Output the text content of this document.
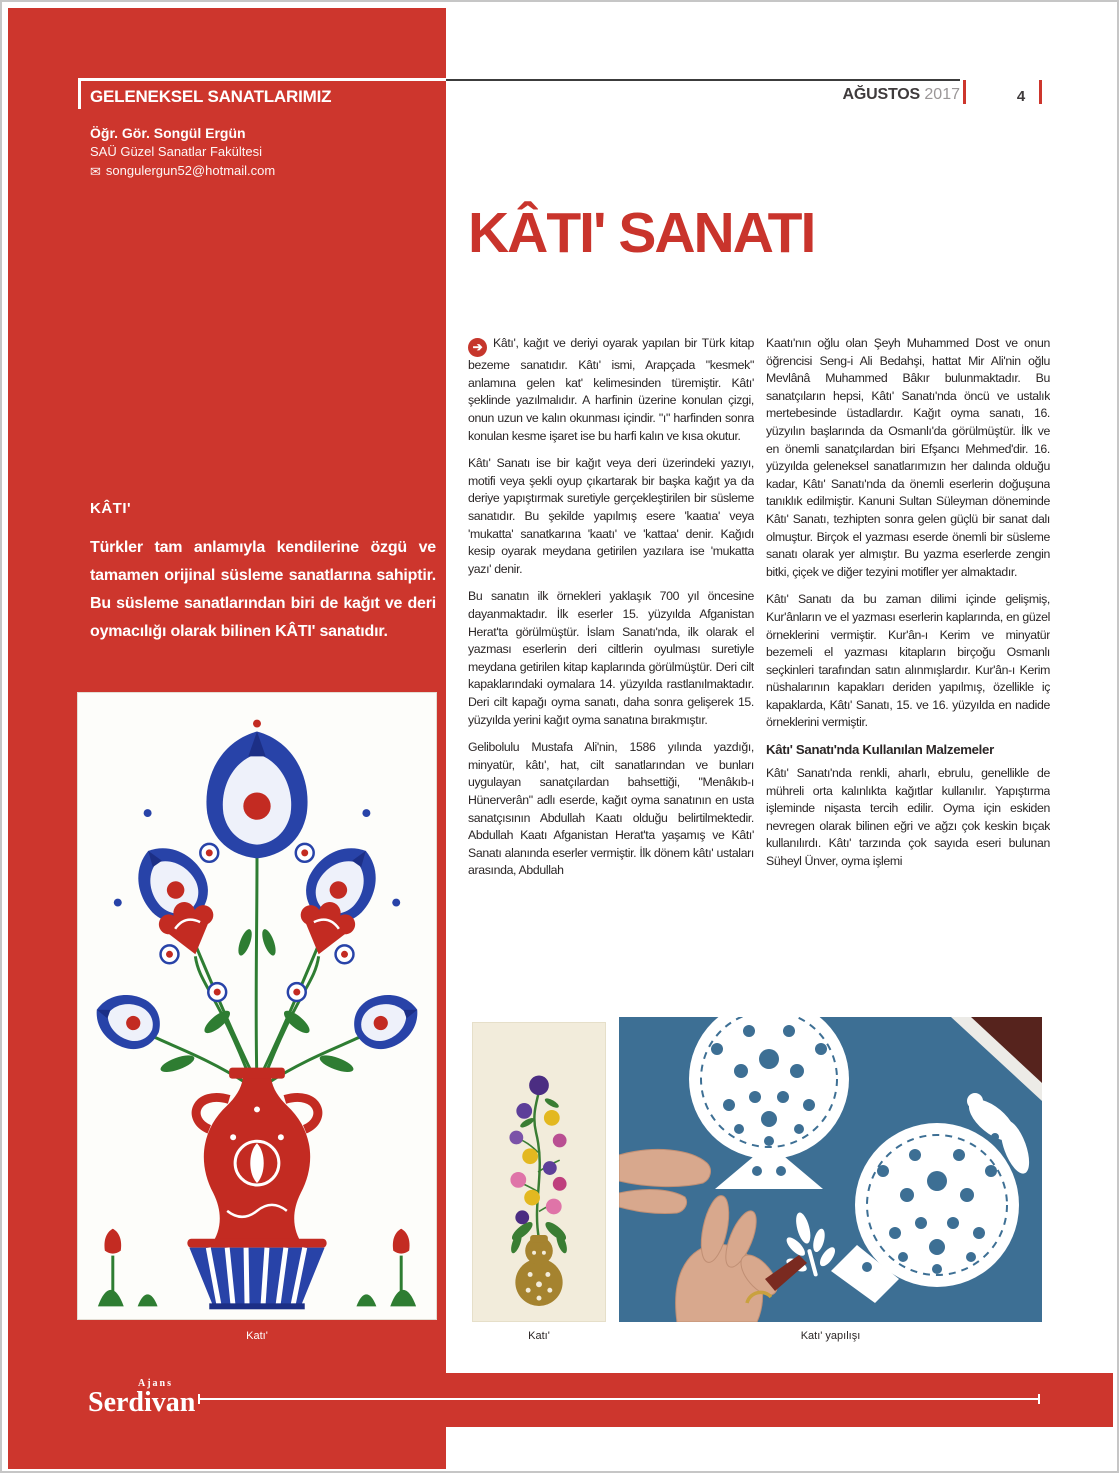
GELENEKSEL SANATLARIMIZ
Öğr. Gör. Songül Ergün
SAÜ Güzel Sanatlar Fakültesi
✉ songulergun52@hotmail.com
AĞUSTOS 2017	4
KÂTI'
Türkler tam anlamıyla kendilerine özgü ve tamamen orijinal süsleme sanatlarına sahiptir. Bu süsleme sanatlarından biri de kağıt ve deri oymacılığı olarak bilinen KÂTI' sanatıdır.
Katı'
KÂTI' SANATI

➔ Kâtı', kağıt ve deriyi oyarak yapılan bir Türk kitap bezeme sanatıdır. Kâtı' ismi, Arapçada "kesmek" anlamına gelen kat' kelimesinden türemiştir. Kâtı' şeklinde yazılmalıdır. A harfinin üzerine konulan çizgi, onun uzun ve kalın okunması içindir. "ı" harfinden sonra konulan kesme işaret ise bu harfi kalın ve kısa okutur.

Kâtı' Sanatı ise bir kağıt veya deri üzerindeki yazıyı, motifi veya şekli oyup çıkartarak bir başka kağıt ya da deriye yapıştırmak suretiyle gerçekleştirilen bir süsleme sanatıdır. Bu şekilde yapılmış esere 'kaatıa' veya 'mukatta' sanatkarına 'kaatı' ve 'kattaa' denir. Kağıdı kesip oyarak meydana getirilen yazılara ise 'mukatta yazı' denir.

Bu sanatın ilk örnekleri yaklaşık 700 yıl öncesine dayanmaktadır. İlk eserler 15. yüzyılda Afganistan Herat'ta görülmüştür. İslam Sanatı'nda, ilk olarak el yazması eserlerin deri ciltlerin oyulması suretiyle meydana getirilen kitap kaplarında görülmüştür. Deri cilt kapaklarındaki oymalara 14. yüzyılda rastlanılmaktadır. Deri cilt kapağı oyma sanatı, daha sonra gelişerek 15. yüzyılda yerini kağıt oyma sanatına bırakmıştır.

Gelibolulu Mustafa Ali'nin, 1586 yılında yazdığı, minyatür, kâtı', hat, cilt sanatlarından ve bunları uygulayan sanatçılardan bahsettiği, "Menâkıb-ı Hünerverân" adlı eserde, kağıt oyma sanatının en usta sanatçısının Abdullah Kaatı olduğu belirtilmektedir. Abdullah Kaatı Afganistan Herat'ta yaşamış ve Kâtı' Sanatı alanında eserler vermiştir. İlk dönem kâtı' ustaları arasında, Abdullah

Kaatı'nın oğlu olan Şeyh Muhammed Dost ve onun öğrencisi Seng-i Ali Bedahşi, hattat Mir Ali'nin oğlu Mevlânâ Muhammed Bâkır bulunmaktadır. Bu sanatçıların hepsi, Kâtı' Sanatı'nda öncü ve ustalık mertebesinde üstadlardır. Kağıt oyma sanatı, 16. yüzyılın başlarında da Osmanlı'da görülmüştür. İlk ve en önemli sanatçılardan biri Efşancı Mehmed'dir. 16. yüzyılda geleneksel sanatlarımızın her dalında olduğu kadar, Kâtı' Sanatı'nda da önemli eserlerin doğuşuna tanıklık edilmiştir. Kanuni Sultan Süleyman döneminde Kâtı' Sanatı, tezhipten sonra gelen güçlü bir sanat dalı olmuştur. Birçok el yazması eserde önemli bir süsleme sanatı olarak yer almıştır. Bu yazma eserlerde zengin bitki, çiçek ve diğer tezyini motifler yer almaktadır.

Kâtı' Sanatı da bu zaman dilimi içinde gelişmiş, Kur'ânların ve el yazması eserlerin kaplarında, en güzel örneklerini vermiştir. Kur'ân-ı Kerim ve minyatür bezemeli el yazması kitapların birçoğu Osmanlı seçkinleri tarafından satın alınmışlardır. Kur'ân-ı Kerim nüshalarının kapakları deriden yapılmış, özellikle iç kapaklarda, Kâtı' Sanatı, 15. ve 16. yüzyılda en nadide örneklerini vermiştir.

Kâtı' Sanatı'nda Kullanılan Malzemeler

Kâtı' Sanatı'nda renkli, aharlı, ebrulu, genellikle de mühreli orta kalınlıkta kağıtlar kullanılır. Yapıştırma işleminde nişasta tercih edilir. Oyma için eskiden nevregen olarak bilinen eğri ve ağzı çok keskin bıçak kullanılırdı. Kâtı' tarzında çok sayıda eseri bulunan Süheyl Ünver, oyma işlemi

Katı'	Katı' yapılışı
Ajans
Serdivan
